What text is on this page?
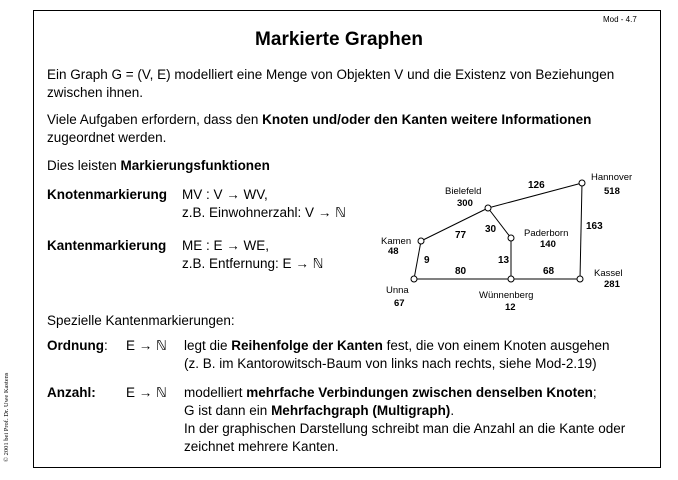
© 2001 bei Prof. Dr. Uwe Kastens
Mod - 4.7
Markierte Graphen
Ein Graph G = (V, E) modelliert eine Menge von Objekten V und die Existenz von Beziehungen
zwischen ihnen.
Viele Aufgaben erfordern, dass den Knoten und/oder den Kanten weitere Informationen
zugeordnet werden.
Dies leisten Markierungsfunktionen
Knotenmarkierung MV : V → WV,
z.B. Einwohnerzahl: V → ℕ
Kantenmarkierung ME : E → WE,
z.B. Entfernung: E → ℕ
Hannover
518
Bielefeld
300
Paderborn
140
Kamen
48
Kassel
281
Unna
67
Wünnenberg
12
126
163
77
30
13
9
80	68
Spezielle Kantenmarkierungen:
Ordnung: E → ℕ legt die Reihenfolge der Kanten fest, die von einem Knoten ausgehen
(z. B. im Kantorowitsch-Baum von links nach rechts, siehe Mod-2.19)
Anzahl: E → ℕ modelliert mehrfache Verbindungen zwischen denselben Knoten;
G ist dann ein Mehrfachgraph (Multigraph).
In der graphischen Darstellung schreibt man die Anzahl an die Kante oder
zeichnet mehrere Kanten.
